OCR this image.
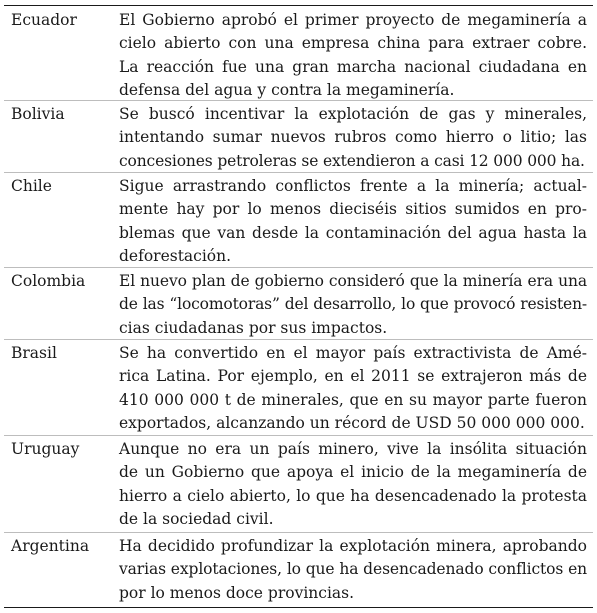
Ecuador	El Gobierno aprobó el primer proyecto de megaminería a
cielo abierto con una empresa china para extraer cobre.
La reacción fue una gran marcha nacional ciudadana en
defensa del agua y contra la megaminería.
Bolivia	Se buscó incentivar la explotación de gas y minerales,
intentando sumar nuevos rubros como hierro o litio; las
concesiones petroleras se extendieron a casi 12 000 000 ha.
Chile	Sigue arrastrando conflictos frente a la minería; actual-
mente hay por lo menos dieciséis sitios sumidos en pro-
blemas que van desde la contaminación del agua hasta la
deforestación.
Colombia El nuevo plan de gobierno consideró que la minería era una
de las “locomotoras” del desarrollo, lo que provocó resisten-
cias ciudadanas por sus impactos.
Brasil	Se ha convertido en el mayor país extractivista de Amé-
rica Latina. Por ejemplo, en el 2011 se extrajeron más de
410 000 000 t de minerales, que en su mayor parte fueron
exportados, alcanzando un récord de USD 50 000 000 000.
Uruguay	Aunque no era un país minero, vive la insólita situación
de un Gobierno que apoya el inicio de la megaminería de
hierro a cielo abierto, lo que ha desencadenado la protesta
de la sociedad civil.
Argentina Ha decidido profundizar la explotación minera, aprobando
varias explotaciones, lo que ha desencadenado conflictos en
por lo menos doce provincias.
